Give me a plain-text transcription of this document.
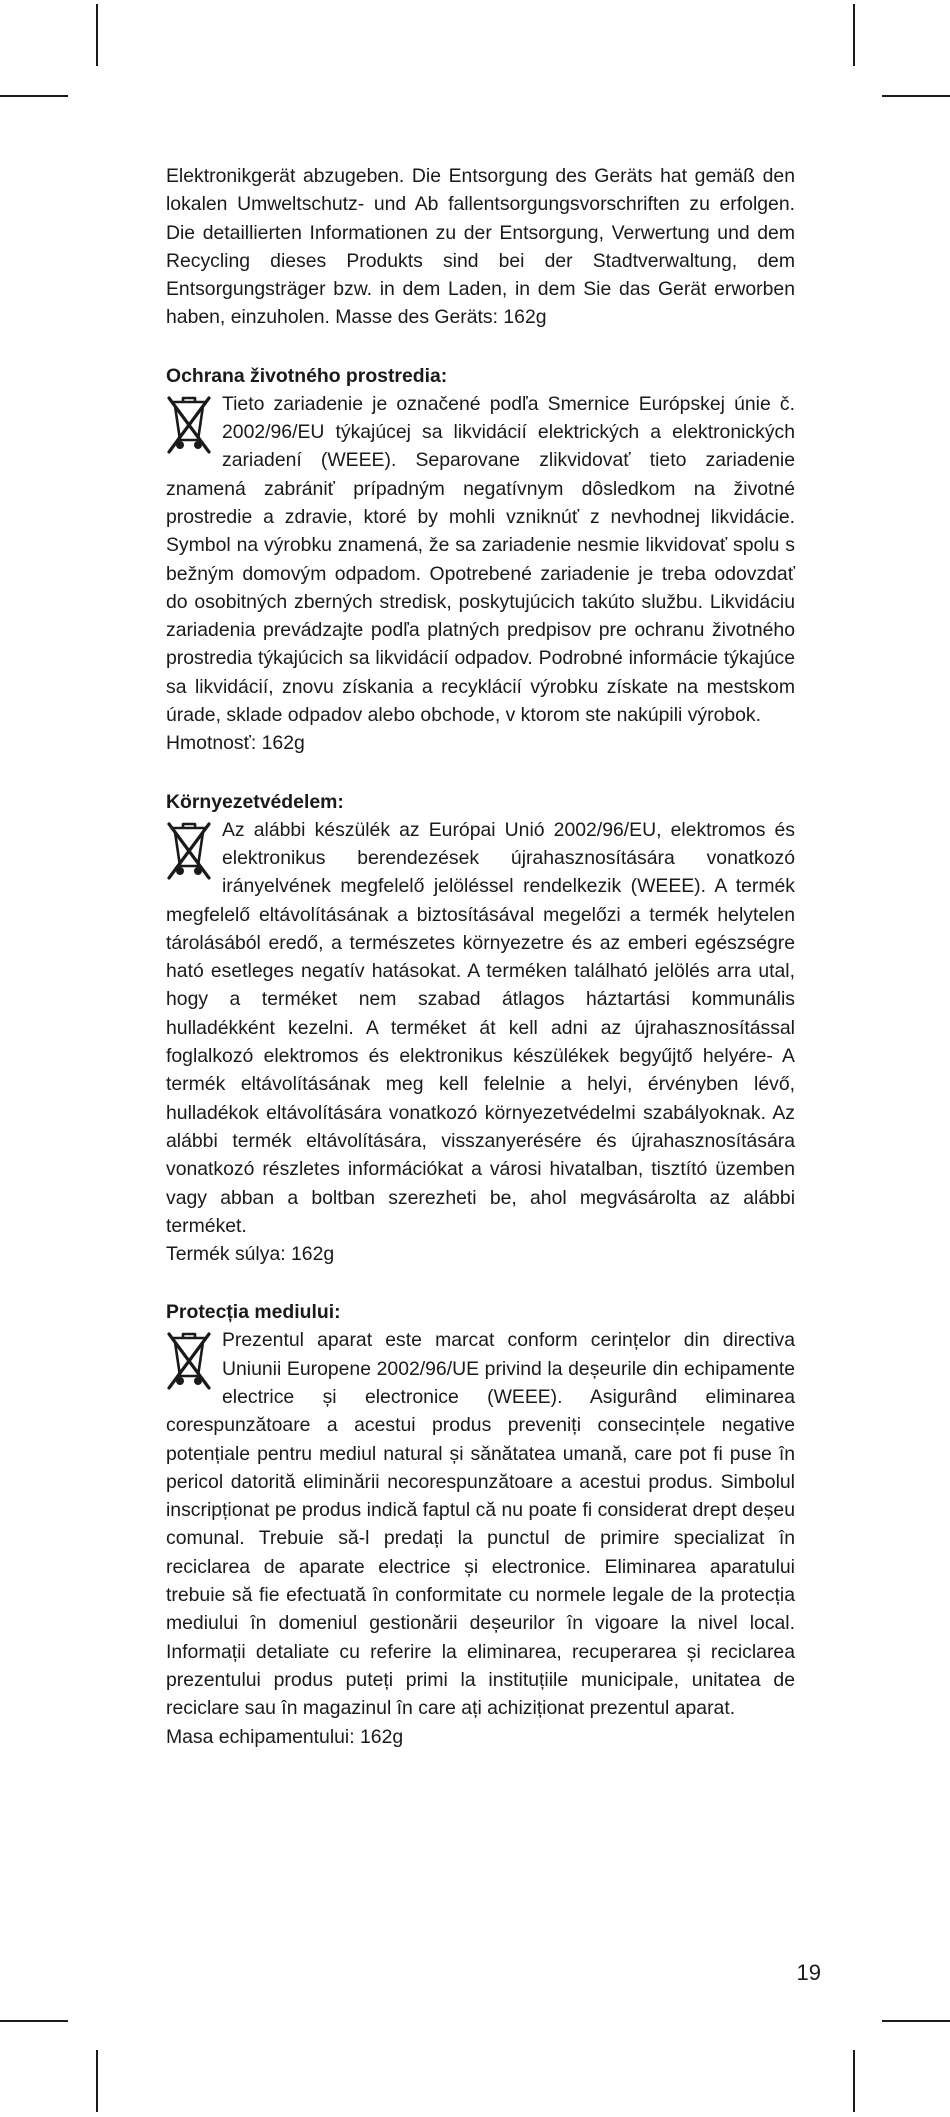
Elektronikgerät abzugeben. Die Entsorgung des Geräts hat gemäß den lokalen Umweltschutz- und Ab fallentsorgungsvorschriften zu erfolgen. Die detaillierten Informationen zu der Entsorgung, Verwertung und dem Recycling dieses Produkts sind bei der Stadtverwaltung, dem Entsorgungsträger bzw. in dem Laden, in dem Sie das Gerät erworben haben, einzuholen. Masse des Geräts: 162g

Ochrana životného prostredia:

Tieto zariadenie je označené podľa Smernice Európskej únie č. 2002/96/EU týkajúcej sa likvidácií elektrických a elektronických zariadení (WEEE). Separovane zlikvidovať tieto zariadenie znamená zabrániť prípadným negatívnym dôsledkom na životné prostredie a zdravie, ktoré by mohli vzniknúť z nevhodnej likvidácie. Symbol na výrobku znamená, že sa zariadenie nesmie likvidovať spolu s bežným domovým odpadom. Opotrebené zariadenie je treba odovzdať do osobitných zberných stredisk, poskytujúcich takúto službu. Likvidáciu zariadenia prevádzajte podľa platných predpisov pre ochranu životného prostredia týkajúcich sa likvidácií odpadov. Podrobné informácie týkajúce sa likvidácií, znovu získania a recyklácií výrobku získate na mestskom úrade, sklade odpadov alebo obchode, v ktorom ste nakúpili výrobok.

Hmotnosť: 162g

Környezetvédelem:

Az alábbi készülék az Európai Unió 2002/96/EU, elektromos és elektronikus berendezések újrahasznosítására vonatkozó irányelvének megfelelő jelöléssel rendelkezik (WEEE). A termék megfelelő eltávolításának a biztosításával megelőzi a termék helytelen tárolásából eredő, a természetes környezetre és az emberi egészségre ható esetleges negatív hatásokat. A terméken található jelölés arra utal, hogy a terméket nem szabad átlagos háztartási kommunális hulladékként kezelni. A terméket át kell adni az újrahasznosítással foglalkozó elektromos és elektronikus készülékek begyűjtő helyére- A termék eltávolításának meg kell felelnie a helyi, érvényben lévő, hulladékok eltávolítására vonatkozó környezetvédelmi szabályoknak. Az alábbi termék eltávolítására, visszanyerésére és újrahasznosítására vonatkozó részletes információkat a városi hivatalban, tisztító üzemben vagy abban a boltban szerezheti be, ahol megvásárolta az alábbi terméket.

Termék súlya: 162g

Protecția mediului:

Prezentul aparat este marcat conform cerințelor din directiva Uniunii Europene 2002/96/UE privind la deșeurile din echipamente electrice și electronice (WEEE). Asigurând eliminarea corespunzătoare a acestui produs preveniți consecințele negative potențiale pentru mediul natural și sănătatea umană, care pot fi puse în pericol datorită eliminării necorespunzătoare a acestui produs. Simbolul inscripționat pe produs indică faptul că nu poate fi considerat drept deșeu comunal. Trebuie să-l predați la punctul de primire specializat în reciclarea de aparate electrice și electronice. Eliminarea aparatului trebuie să fie efectuată în conformitate cu normele legale de la protecția mediului în domeniul gestionării deșeurilor în vigoare la nivel local. Informații detaliate cu referire la eliminarea, recuperarea și reciclarea prezentului produs puteți primi la instituțiile municipale, unitatea de reciclare sau în magazinul în care ați achiziționat prezentul aparat.

Masa echipamentului: 162g

19
